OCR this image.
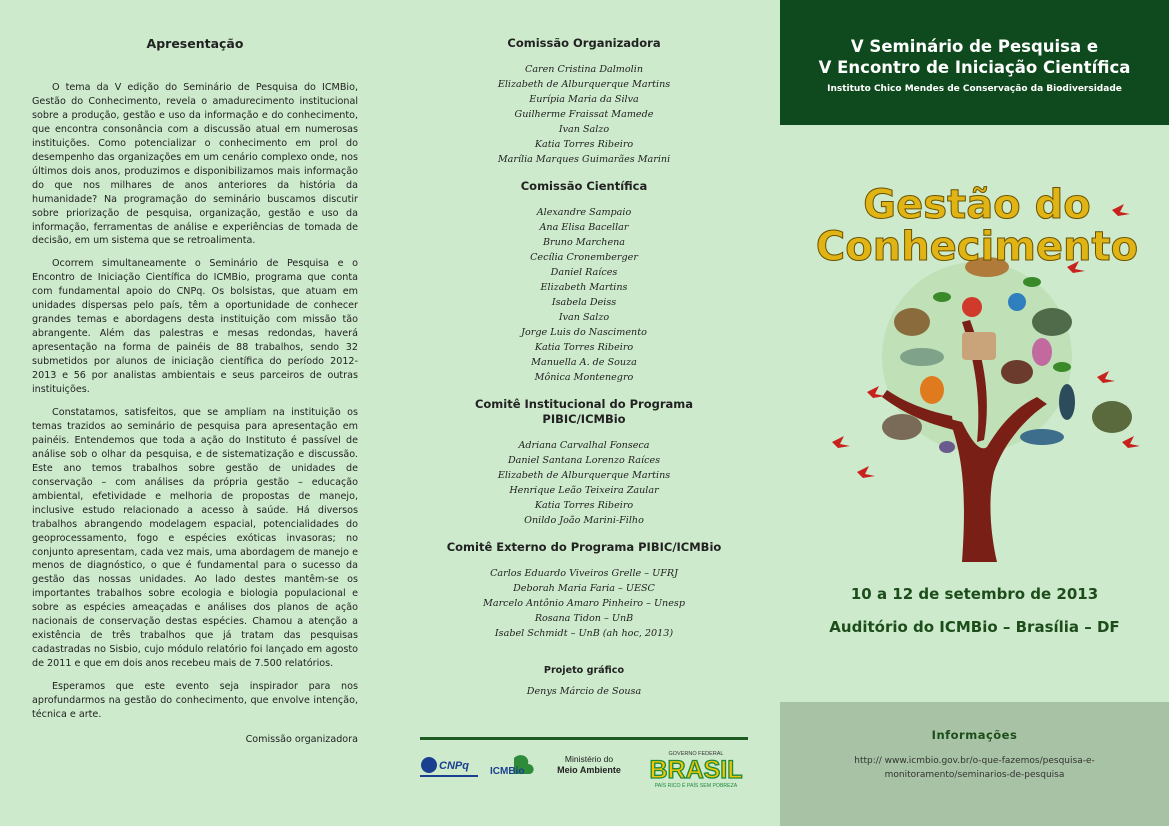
Apresentação

O tema da V edição do Seminário de Pesquisa do ICMBio, Gestão do Conhecimento, revela o amadurecimento institucional sobre a produção, gestão e uso da informação e do conhecimento, que encontra consonância com a discussão atual em numerosas instituições. Como potencializar o conhecimento em prol do desempenho das organizações em um cenário complexo onde, nos últimos dois anos, produzimos e disponibilizamos mais informação do que nos milhares de anos anteriores da história da humanidade? Na programação do seminário buscamos discutir sobre priorização de pesquisa, organização, gestão e uso da informação, ferramentas de análise e experiências de tomada de decisão, em um sistema que se retroalimenta.

Ocorrem simultaneamente o Seminário de Pesquisa e o Encontro de Iniciação Científica do ICMBio, programa que conta com fundamental apoio do CNPq. Os bolsistas, que atuam em unidades dispersas pelo país, têm a oportunidade de conhecer grandes temas e abordagens desta instituição com missão tão abrangente. Além das palestras e mesas redondas, haverá apresentação na forma de painéis de 88 trabalhos, sendo 32 submetidos por alunos de iniciação científica do período 2012-2013 e 56 por analistas ambientais e seus parceiros de outras instituições.

Constatamos, satisfeitos, que se ampliam na instituição os temas trazidos ao seminário de pesquisa para apresentação em painéis. Entendemos que toda a ação do Instituto é passível de análise sob o olhar da pesquisa, e de sistematização e discussão. Este ano temos trabalhos sobre gestão de unidades de conservação – com análises da própria gestão – educação ambiental, efetividade e melhoria de propostas de manejo, inclusive estudo relacionado a acesso à saúde. Há diversos trabalhos abrangendo modelagem espacial, potencialidades do geoprocessamento, fogo e espécies exóticas invasoras; no conjunto apresentam, cada vez mais, uma abordagem de manejo e menos de diagnóstico, o que é fundamental para o sucesso da gestão das nossas unidades. Ao lado destes mantêm-se os importantes trabalhos sobre ecologia e biologia populacional e sobre as espécies ameaçadas e análises dos planos de ação nacionais de conservação destas espécies. Chamou a atenção a existência de três trabalhos que já tratam das pesquisas cadastradas no Sisbio, cujo módulo relatório foi lançado em agosto de 2011 e que em dois anos recebeu mais de 7.500 relatórios.

Esperamos que este evento seja inspirador para nos aprofundarmos na gestão do conhecimento, que envolve intenção, técnica e arte.

Comissão organizadora
Comissão Organizadora
Caren Cristina Dalmolin
Elizabeth de Alburquerque Martins
Eurípia Maria da Silva
Guilherme Fraissat Mamede
Ivan Salzo
Katia Torres Ribeiro
Marília Marques Guimarães Marini
Comissão Científica
Alexandre Sampaio
Ana Elisa Bacellar
Bruno Marchena
Cecília Cronemberger
Daniel Raíces
Elizabeth Martins
Isabela Deiss
Ivan Salzo
Jorge Luis do Nascimento
Katia Torres Ribeiro
Manuella A. de Souza
Mônica Montenegro
Comitê Institucional do Programa PIBIC/ICMBio
Adriana Carvalhal Fonseca
Daniel Santana Lorenzo Raíces
Elizabeth de Alburquerque Martins
Henrique Leão Teixeira Zaular
Katia Torres Ribeiro
Onildo João Marini-Filho
Comitê Externo do Programa PIBIC/ICMBio
Carlos Eduardo Viveiros Grelle – UFRJ
Deborah Maria Faria – UESC
Marcelo Antônio Amaro Pinheiro – Unesp
Rosana Tidon – UnB
Isabel Schmidt – UnB (ah hoc, 2013)
Projeto gráfico
Denys Márcio de Sousa
CNPq ICMBio
Ministério do
Meio Ambiente
GOVERNO FEDERAL
BRASIL
PAÍS RICO É PAÍS SEM POBREZA
V Seminário de Pesquisa e
V Encontro de Iniciação Científica
Instituto Chico Mendes de Conservação da Biodiversidade
Gestão do
Conhecimento
10 a 12 de setembro de 2013
Auditório do ICMBio – Brasília – DF
Informações
http:// www.icmbio.gov.br/o-que-fazemos/pesquisa-e-
monitoramento/seminarios-de-pesquisa
